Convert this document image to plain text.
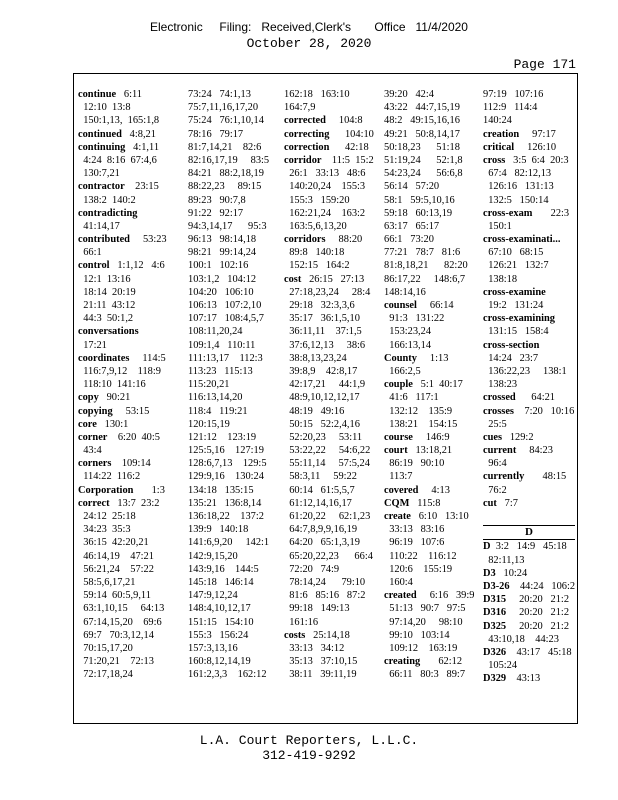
Electronic     Filing:   Received,Clerk's       Office   11/4/2020
October 28, 2020
Page 171
continue   6:11
12:10  13:8
150:1,13,  165:1,8
continued   4:8,21
continuing   4:1,11
4:24  8:16  67:4,6
130:7,21
contractor    23:15
138:2  140:2
contradicting
41:14,17
contributed     53:23
66:1
control   1:1,12   4:6
12:1  13:16
18:14  20:19
21:11  43:12
44:3  50:1,2
conversations
17:21
coordinates     114:5
116:7,9,12    118:9
118:10  141:16
copy   90:21
copying     53:15
core   130:1
corner    6:20  40:5
43:4
corners    109:14
114:22  116:2
Corporation       1:3
correct   13:7  23:2
24:12  25:18
34:23  35:3
36:15  42:20,21
46:14,19    47:21
56:21,24    57:22
58:5,6,17,21
59:14  60:5,9,11
63:1,10,15     64:13
67:14,15,20    69:6
69:7   70:3,12,14
70:15,17,20
71:20,21    72:13
72:17,18,24
73:24   74:1,13
75:7,11,16,17,20
75:24   76:1,10,14
78:16   79:17
81:7,14,21    82:6
82:16,17,19     83:5
84:21   88:2,18,19
88:22,23     89:15
89:23   90:7,8
91:22   92:17
94:3,14,17      95:3
96:13   98:14,18
98:21   99:14,24
100:1   102:16
103:1,2   104:12
104:20   106:10
106:13   107:2,10
107:17   108:4,5,7
108:11,20,24
109:1,4   110:11
111:13,17    112:3
113:23   115:13
115:20,21
116:13,14,20
118:4   119:21
120:15,19
121:12    123:19
125:5,16    127:19
128:6,7,13    129:5
129:9,16    130:24
134:18   135:15
135:21   136:8,14
136:18,22    137:2
139:9   140:18
141:6,9,20     142:1
142:9,15,20
143:9,16    144:5
145:18   146:14
147:9,12,24
148:4,10,12,17
151:15   154:10
155:3   156:24
157:3,13,16
160:8,12,14,19
161:2,3,3    162:12
162:18   163:10
164:7,9
corrected     104:8
correcting      104:10
correction      42:18
corridor    11:5  15:2
26:1   33:13   48:6
140:20,24    155:3
155:3   159:20
162:21,24    163:2
163:5,6,13,20
corridors     88:20
89:8   140:18
152:15   164:2
cost   26:15   27:13
27:18,23,24     28:4
29:18   32:3,3,6
35:17   36:1,5,10
36:11,11    37:1,5
37:6,12,13     38:6
38:8,13,23,24
39:8,9    42:8,17
42:17,21     44:1,9
48:9,10,12,12,17
48:19   49:16
50:15   52:2,4,16
52:20,23     53:11
53:22,22     54:6,22
55:11,14     57:5,24
58:3,11     59:22
60:14   61:5,5,7
61:12,14,16,17
61:20,22     62:1,23
64:7,8,9,9,16,19
64:20   65:1,3,19
65:20,22,23      66:4
72:20   74:9
78:14,24      79:10
81:6   85:16   87:2
99:18   149:13
161:16
costs   25:14,18
33:13   34:12
35:13   37:10,15
38:11   39:11,19
39:20   42:4
43:22   44:7,15,19
48:2   49:15,16,16
49:21   50:8,14,17
50:18,23      51:18
51:19,24      52:1,8
54:23,24      56:6,8
56:14   57:20
58:1   59:5,10,16
59:18   60:13,19
63:17   65:17
66:1   73:20
77:21   78:7   81:6
81:8,18,21      82:20
86:17,22     148:6,7
148:14,16
counsel     66:14
91:3   131:22
153:23,24
166:13,14
County     1:13
166:2,5
couple   5:1  40:17
41:6   117:1
132:12    135:9
138:21    154:15
course     146:9
court   13:18,21
86:19   90:10
113:7
covered     4:13
CQM   115:8
create   6:10   13:10
33:13   83:16
96:19   107:6
110:22    116:12
120:6    155:19
160:4
created     6:16   39:9
51:13   90:7   97:5
97:14,20     98:10
99:10   103:14
109:12    163:19
creating       62:12
66:11   80:3   89:7
97:19   107:16
112:9   114:4
140:24
creation     97:17
critical     126:10
cross   3:5  6:4  20:3
67:4   82:12,13
126:16   131:13
132:5   150:14
cross-exam       22:3
150:1
cross-examinati...
67:10   68:15
126:21   132:7
138:18
cross-examine
19:2   131:24
cross-examining
131:15   158:4
cross-section
14:24   23:7
136:22,23     138:1
138:23
crossed      64:21
crosses    7:20   10:16
25:5
cues   129:2
current     84:23
96:4
currently       48:15
76:2
cut   7:7
D
D  3:2   14:9   45:18
82:11,13
D3   10:24
D3-26    44:24   106:2
D315     20:20   21:2
D316     20:20   21:2
D325     20:20   21:2
43:10,18    44:23
D326    43:17   45:18
105:24
D329    43:13
L.A. Court Reporters, L.L.C.
312-419-9292
